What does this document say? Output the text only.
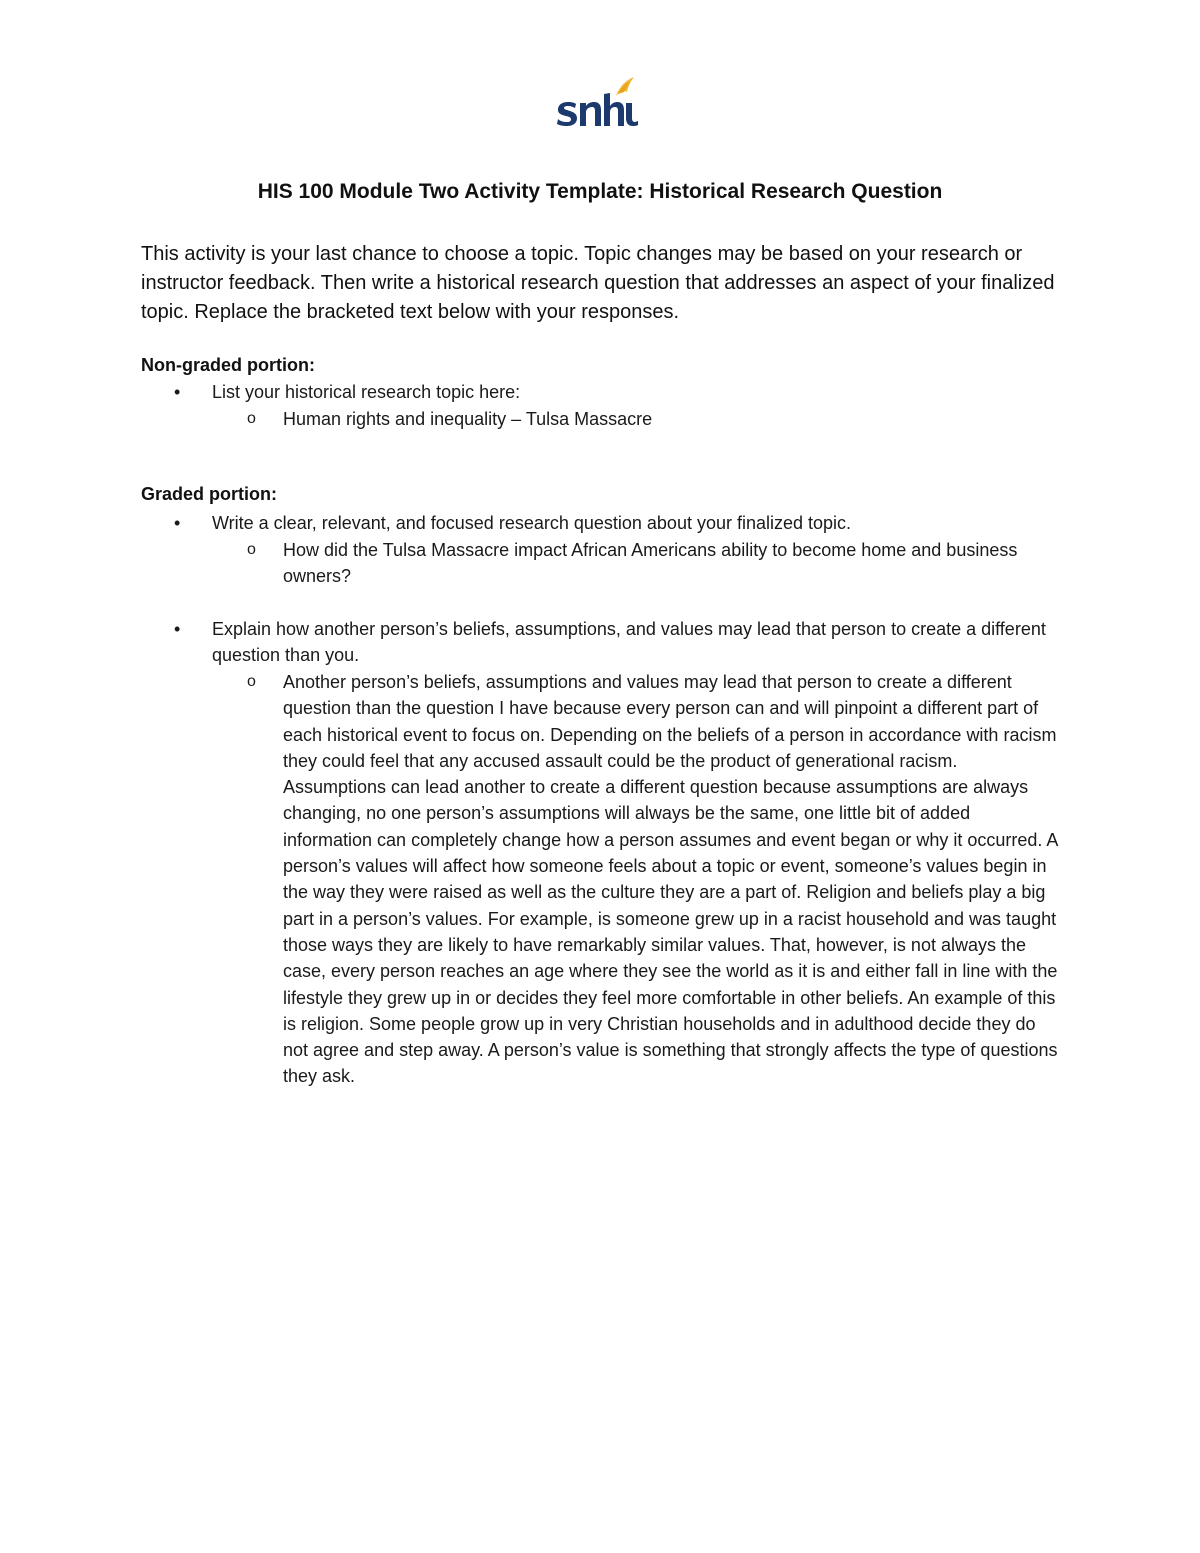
HIS 100 Module Two Activity Template: Historical Research Question
This activity is your last chance to choose a topic. Topic changes may be based on your research or instructor feedback. Then write a historical research question that addresses an aspect of your finalized topic. Replace the bracketed text below with your responses.
Non-graded portion:
•	List your historical research topic here:
o Human rights and inequality – Tulsa Massacre
Graded portion:
•	Write a clear, relevant, and focused research question about your finalized topic.
o How did the Tulsa Massacre impact African Americans ability to become home and business owners?
•	Explain how another person’s beliefs, assumptions, and values may lead that person to create a different question than you.
o Another person’s beliefs, assumptions and values may lead that person to create a different question than the question I have because every person can and will pinpoint a different part of each historical event to focus on. Depending on the beliefs of a person in accordance with racism they could feel that any accused assault could be the product of generational racism. Assumptions can lead another to create a different question because assumptions are always changing, no one person’s assumptions will always be the same, one little bit of added information can completely change how a person assumes and event began or why it occurred. A person’s values will affect how someone feels about a topic or event, someone’s values begin in the way they were raised as well as the culture they are a part of. Religion and beliefs play a big part in a person’s values. For example, is someone grew up in a racist household and was taught those ways they are likely to have remarkably similar values. That, however, is not always the case, every person reaches an age where they see the world as it is and either fall in line with the lifestyle they grew up in or decides they feel more comfortable in other beliefs. An example of this is religion. Some people grow up in very Christian households and in adulthood decide they do not agree and step away. A person’s value is something that strongly affects the type of questions they ask.
